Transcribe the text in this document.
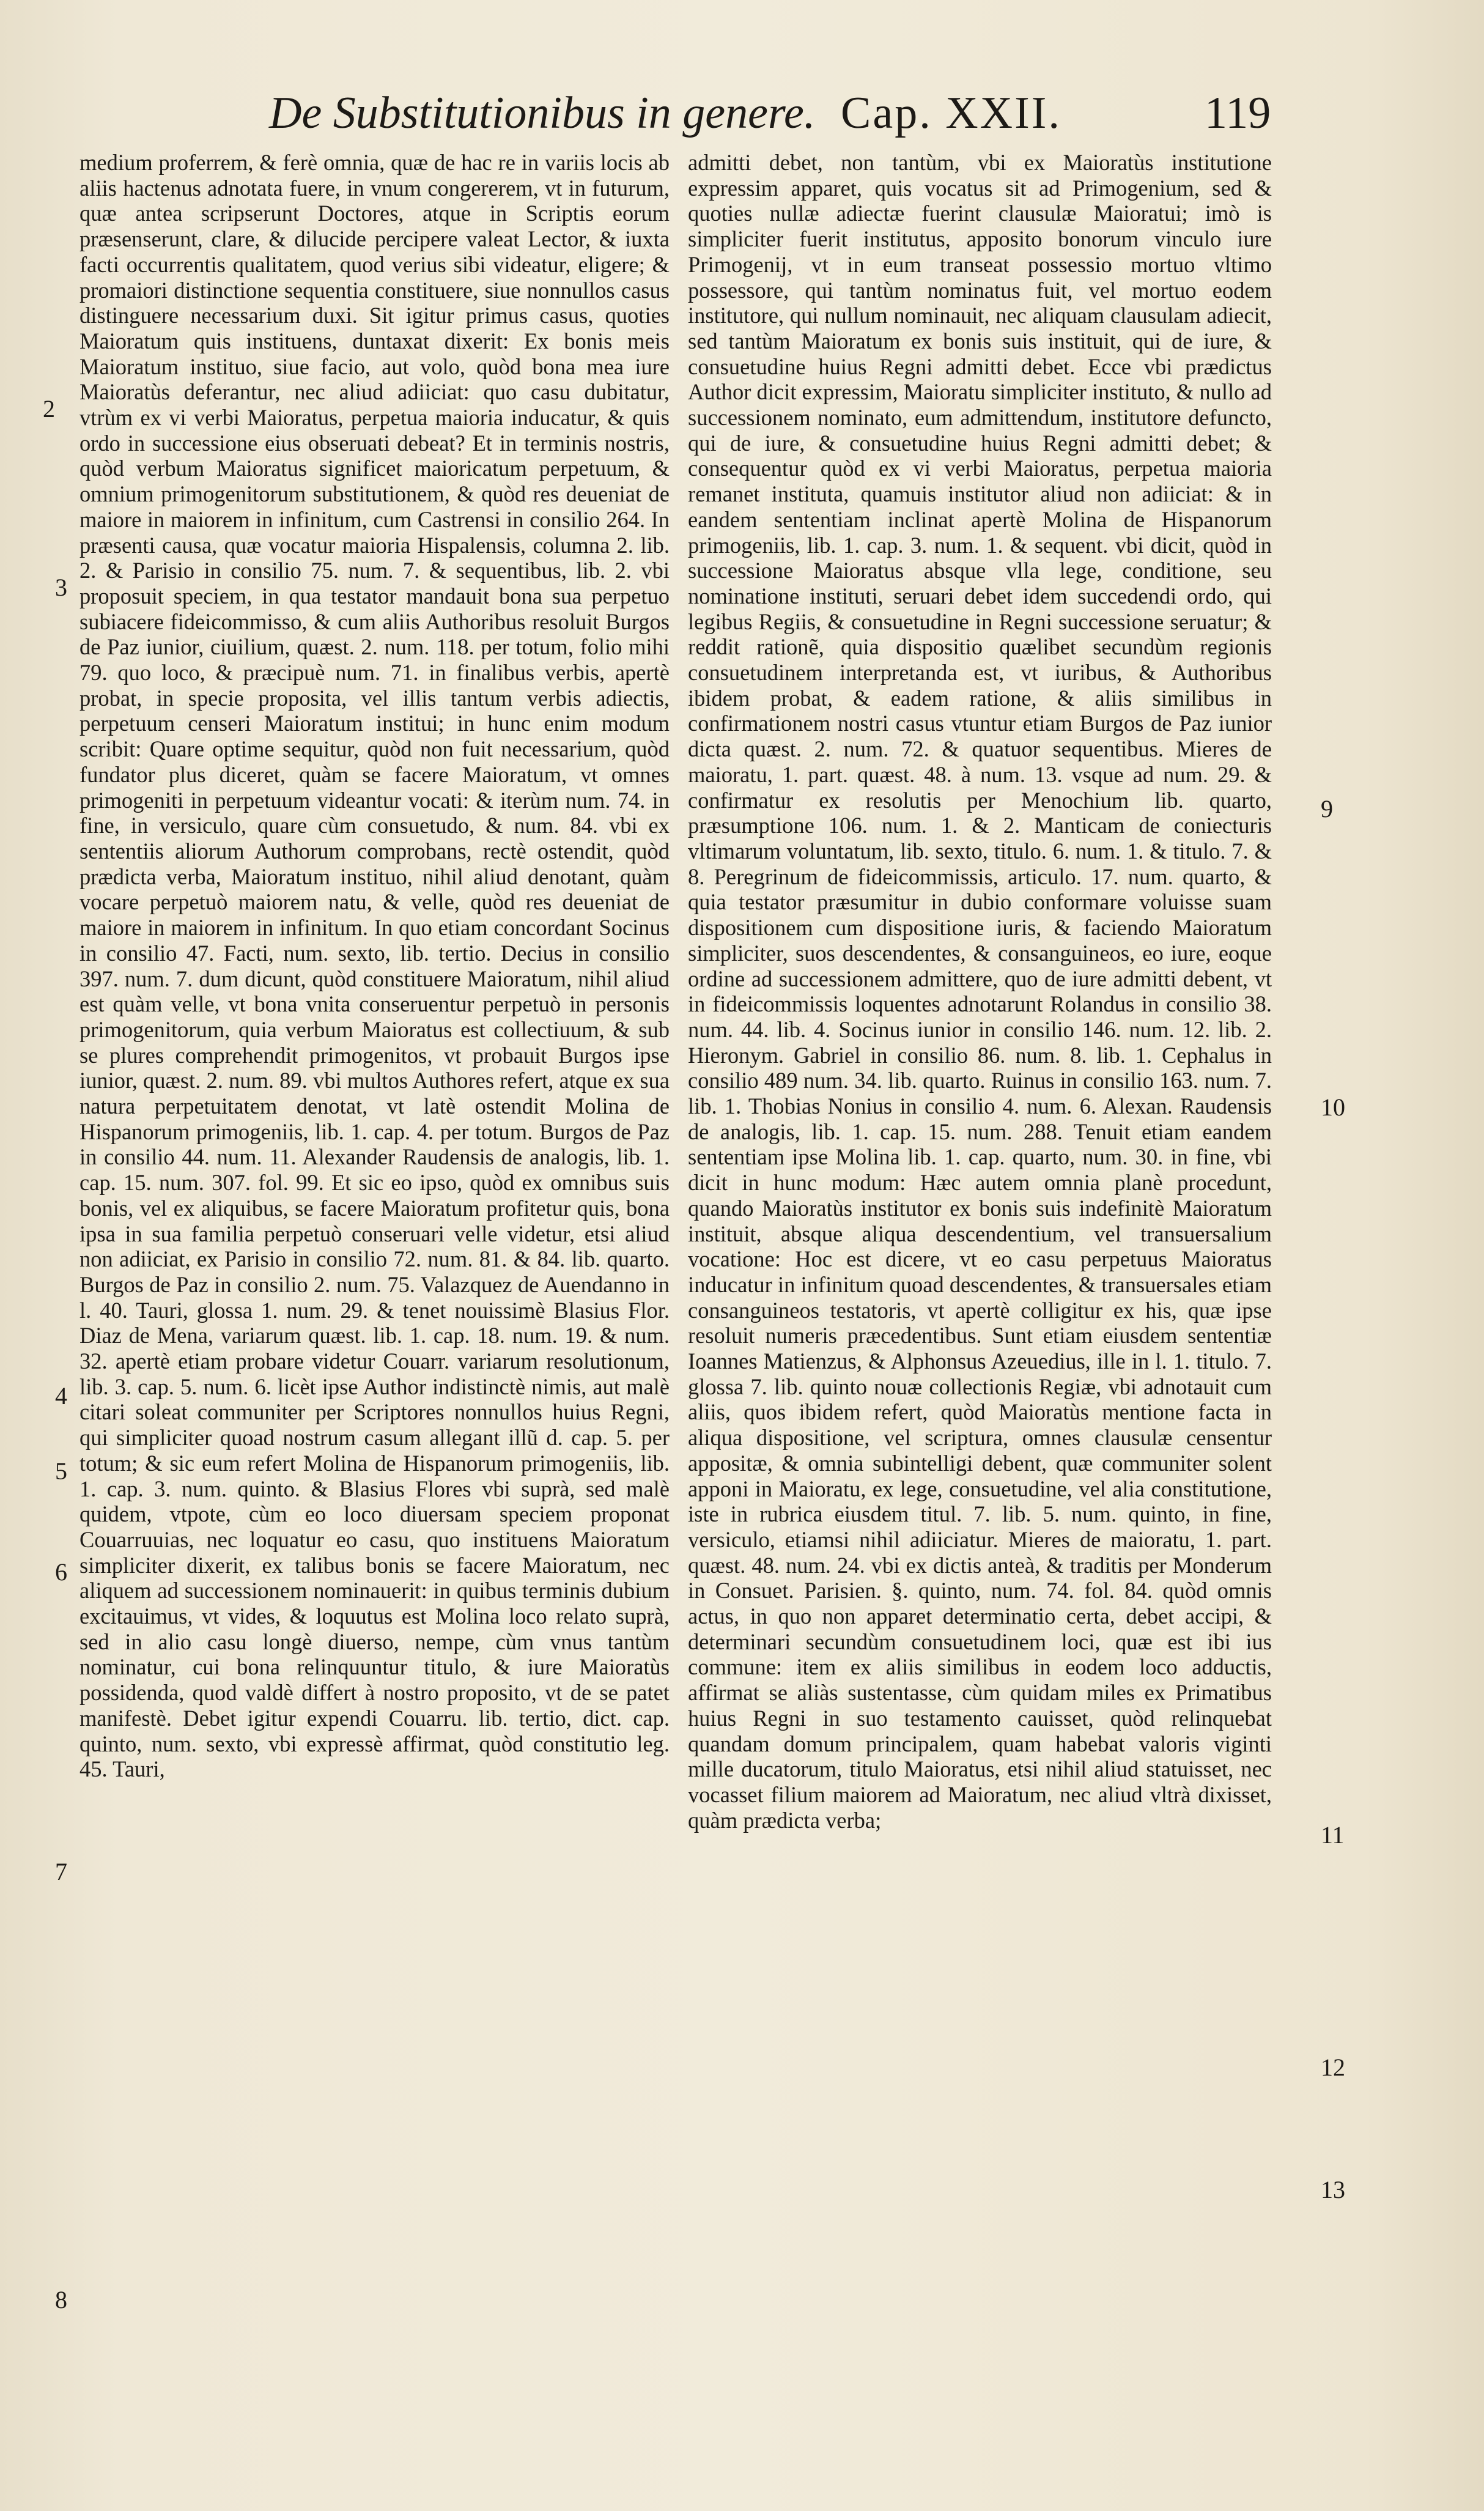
De Substitutionibus in genere. Cap. XXII.	119

medium proferrem, & ferè omnia, quæ de hac re in variis locis ab aliis hactenus adnotata fuere, in vnum congererem, vt in futurum, quæ antea scripserunt Doctores, atque in Scriptis eorum præsenserunt, clare, & dilucide percipere valeat Lector, & iuxta facti occurrentis qualitatem, quod verius sibi videatur, eligere; & promaiori distinctione sequentia constituere, siue nonnullos casus distinguere necessarium duxi. Sit igitur primus casus, quoties Maioratum quis instituens, duntaxat dixerit: Ex bonis meis Maioratum instituo, siue facio, aut volo, quòd bona mea iure Maioratùs deferantur, nec aliud adiiciat: quo casu dubitatur, vtrùm ex vi verbi Maioratus, perpetua maioria inducatur, & quis ordo in successione eius obseruati debeat? Et in terminis nostris, quòd verbum Maioratus significet maioricatum perpetuum, & omnium primogenitorum substitutionem, & quòd res deueniat de maiore in maiorem in infinitum, cum Castrensi in consilio 264. In præsenti causa, quæ vocatur maioria Hispalensis, columna 2. lib. 2. & Parisio in consilio 75. num. 7. & sequentibus, lib. 2. vbi proposuit speciem, in qua testator mandauit bona sua perpetuo subiacere fideicommisso, & cum aliis Authoribus resoluit Burgos de Paz iunior, ciuilium, quæst. 2. num. 118. per totum, folio mihi 79. quo loco, & præcipuè num. 71. in finalibus verbis, apertè probat, in specie proposita, vel illis tantum verbis adiectis, perpetuum censeri Maioratum institui; in hunc enim modum scribit: Quare optime sequitur, quòd non fuit necessarium, quòd fundator plus diceret, quàm se facere Maioratum, vt omnes primogeniti in perpetuum videantur vocati: & iterùm num. 74. in fine, in versiculo, quare cùm consuetudo, & num. 84. vbi ex sententiis aliorum Authorum comprobans, rectè ostendit, quòd prædicta verba, Maioratum instituo, nihil aliud denotant, quàm vocare perpetuò maiorem natu, & velle, quòd res deueniat de maiore in maiorem in infinitum. In quo etiam concordant Socinus in consilio 47. Facti, num. sexto, lib. tertio. Decius in consilio 397. num. 7. dum dicunt, quòd constituere Maioratum, nihil aliud est quàm velle, vt bona vnita conseruentur perpetuò in personis primogenitorum, quia verbum Maioratus est collectiuum, & sub se plures comprehendit primogenitos, vt probauit Burgos ipse iunior, quæst. 2. num. 89. vbi multos Authores refert, atque ex sua natura perpetuitatem denotat, vt latè ostendit Molina de Hispanorum primogeniis, lib. 1. cap. 4. per totum. Burgos de Paz in consilio 44. num. 11. Alexander Raudensis de analogis, lib. 1. cap. 15. num. 307. fol. 99. Et sic eo ipso, quòd ex omnibus suis bonis, vel ex aliquibus, se facere Maioratum profitetur quis, bona ipsa in sua familia perpetuò conseruari velle videtur, etsi aliud non adiiciat, ex Parisio in consilio 72. num. 81. & 84. lib. quarto. Burgos de Paz in consilio 2. num. 75. Valazquez de Auendanno in l. 40. Tauri, glossa 1. num. 29. & tenet nouissimè Blasius Flor. Diaz de Mena, variarum quæst. lib. 1. cap. 18. num. 19. & num. 32. apertè etiam probare videtur Couarr. variarum resolutionum, lib. 3. cap. 5. num. 6. licèt ipse Author indistinctè nimis, aut malè citari soleat communiter per Scriptores nonnullos huius Regni, qui simpliciter quoad nostrum casum allegant illũ d. cap. 5. per totum; & sic eum refert Molina de Hispanorum primogeniis, lib. 1. cap. 3. num. quinto. & Blasius Flores vbi suprà, sed malè quidem, vtpote, cùm eo loco diuersam speciem proponat Couarruuias, nec loquatur eo casu, quo instituens Maioratum simpliciter dixerit, ex talibus bonis se facere Maioratum, nec aliquem ad successionem nominauerit: in quibus terminis dubium excitauimus, vt vides, & loquutus est Molina loco relato suprà, sed in alio casu longè diuerso, nempe, cùm vnus tantùm nominatur, cui bona relinquuntur titulo, & iure Maioratùs possidenda, quod valdè differt à nostro proposito, vt de se patet manifestè. Debet igitur expendi Couarru. lib. tertio, dict. cap. quinto, num. sexto, vbi expressè affirmat, quòd constitutio leg. 45. Tauri,

admitti debet, non tantùm, vbi ex Maioratùs institutione expressim apparet, quis vocatus sit ad Primogenium, sed & quoties nullæ adiectæ fuerint clausulæ Maioratui; imò is simpliciter fuerit institutus, apposito bonorum vinculo iure Primogenij, vt in eum transeat possessio mortuo vltimo possessore, qui tantùm nominatus fuit, vel mortuo eodem institutore, qui nullum nominauit, nec aliquam clausulam adiecit, sed tantùm Maioratum ex bonis suis instituit, qui de iure, & consuetudine huius Regni admitti debet. Ecce vbi prædictus Author dicit expressim, Maioratu simpliciter instituto, & nullo ad successionem nominato, eum admittendum, institutore defuncto, qui de iure, & consuetudine huius Regni admitti debet; & consequentur quòd ex vi verbi Maioratus, perpetua maioria remanet instituta, quamuis institutor aliud non adiiciat: & in eandem sententiam inclinat apertè Molina de Hispanorum primogeniis, lib. 1. cap. 3. num. 1. & sequent. vbi dicit, quòd in successione Maioratus absque vlla lege, conditione, seu nominatione instituti, seruari debet idem succedendi ordo, qui legibus Regiis, & consuetudine in Regni successione seruatur; & reddit rationẽ, quia dispositio quælibet secundùm regionis consuetudinem interpretanda est, vt iuribus, & Authoribus ibidem probat, & eadem ratione, & aliis similibus in confirmationem nostri casus vtuntur etiam Burgos de Paz iunior dicta quæst. 2. num. 72. & quatuor sequentibus. Mieres de maioratu, 1. part. quæst. 48. à num. 13. vsque ad num. 29. & confirmatur ex resolutis per Menochium lib. quarto, præsumptione 106. num. 1. & 2. Manticam de coniecturis vltimarum voluntatum, lib. sexto, titulo. 6. num. 1. & titulo. 7. & 8. Peregrinum de fideicommissis, articulo. 17. num. quarto, & quia testator præsumitur in dubio conformare voluisse suam dispositionem cum dispositione iuris, & faciendo Maioratum simpliciter, suos descendentes, & consanguineos, eo iure, eoque ordine ad successionem admittere, quo de iure admitti debent, vt in fideicommissis loquentes adnotarunt Rolandus in consilio 38. num. 44. lib. 4. Socinus iunior in consilio 146. num. 12. lib. 2. Hieronym. Gabriel in consilio 86. num. 8. lib. 1. Cephalus in consilio 489 num. 34. lib. quarto. Ruinus in consilio 163. num. 7. lib. 1. Thobias Nonius in consilio 4. num. 6. Alexan. Raudensis de analogis, lib. 1. cap. 15. num. 288. Tenuit etiam eandem sententiam ipse Molina lib. 1. cap. quarto, num. 30. in fine, vbi dicit in hunc modum: Hæc autem omnia planè procedunt, quando Maioratùs institutor ex bonis suis indefinitè Maioratum instituit, absque aliqua descendentium, vel transuersalium vocatione: Hoc est dicere, vt eo casu perpetuus Maioratus inducatur in infinitum quoad descendentes, & transuersales etiam consanguineos testatoris, vt apertè colligitur ex his, quæ ipse resoluit numeris præcedentibus. Sunt etiam eiusdem sententiæ Ioannes Matienzus, & Alphonsus Azeuedius, ille in l. 1. titulo. 7. glossa 7. lib. quinto nouæ collectionis Regiæ, vbi adnotauit cum aliis, quos ibidem refert, quòd Maioratùs mentione facta in aliqua dispositione, vel scriptura, omnes clausulæ censentur appositæ, & omnia subintelligi debent, quæ communiter solent apponi in Maioratu, ex lege, consuetudine, vel alia constitutione, iste in rubrica eiusdem titul. 7. lib. 5. num. quinto, in fine, versiculo, etiamsi nihil adiiciatur. Mieres de maioratu, 1. part. quæst. 48. num. 24. vbi ex dictis anteà, & traditis per Monderum in Consuet. Parisien. §. quinto, num. 74. fol. 84. quòd omnis actus, in quo non apparet determinatio certa, debet accipi, & determinari secundùm consuetudinem loci, quæ est ibi ius commune: item ex aliis similibus in eodem loco adductis, affirmat se aliàs sustentasse, cùm quidam miles ex Primatibus huius Regni in suo testamento cauisset, quòd relinquebat quandam domum principalem, quam habebat valoris viginti mille ducatorum, titulo Maioratus, etsi nihil aliud statuisset, nec vocasset filium maiorem ad Maioratum, nec aliud vltrà dixisset, quàm prædicta verba;

2
3
4
5
6
7
8
9
10
11
12
13
